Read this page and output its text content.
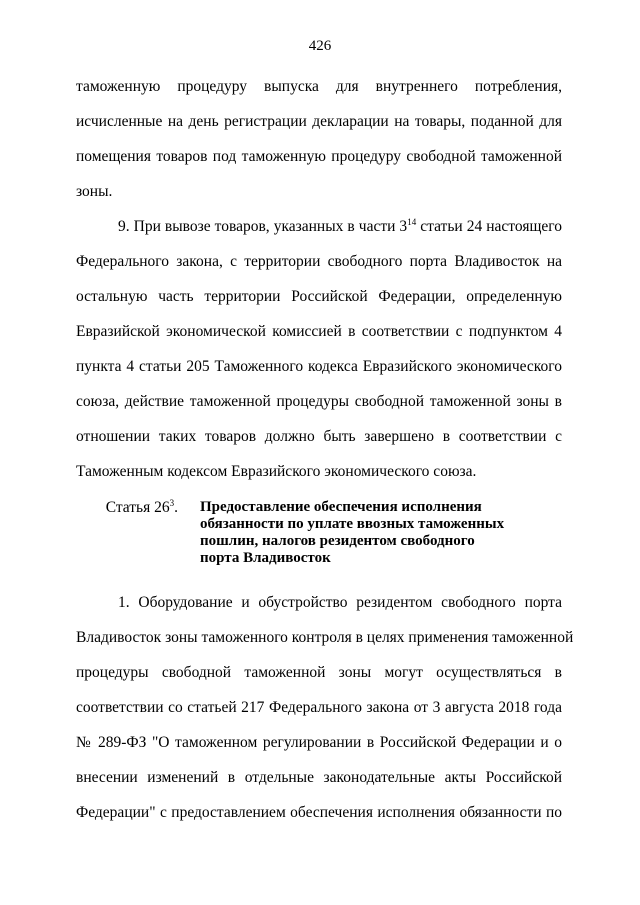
426
таможенную процедуру выпуска для внутреннего потребления,
исчисленные на день регистрации декларации на товары, поданной для
помещения товаров под таможенную процедуру свободной таможенной
зоны.
9. При вывозе товаров, указанных в части $3^{14}$ статьи 24 настоящего
Федерального закона, с территории свободного порта Владивосток на
остальную часть территории Российской Федерации, определенную
Евразийской экономической комиссией в соответствии с подпунктом 4
пункта 4 статьи 205 Таможенного кодекса Евразийского экономического
союза, действие таможенной процедуры свободной таможенной зоны в
отношении таких товаров должно быть завершено в соответствии с
Таможенным кодексом Евразийского экономического союза.
Статья $26^3$.	Предоставление обеспечения исполнения
обязанности по уплате ввозных таможенных
пошлин, налогов резидентом свободного
порта Владивосток
1. Оборудование и обустройство резидентом свободного порта
Владивосток зоны таможенного контроля в целях применения таможенной
процедуры свободной таможенной зоны могут осуществляться в
соответствии со статьей 217 Федерального закона от 3 августа 2018 года
№ 289-ФЗ "О таможенном регулировании в Российской Федерации и о
внесении изменений в отдельные законодательные акты Российской
Федерации" с предоставлением обеспечения исполнения обязанности по
